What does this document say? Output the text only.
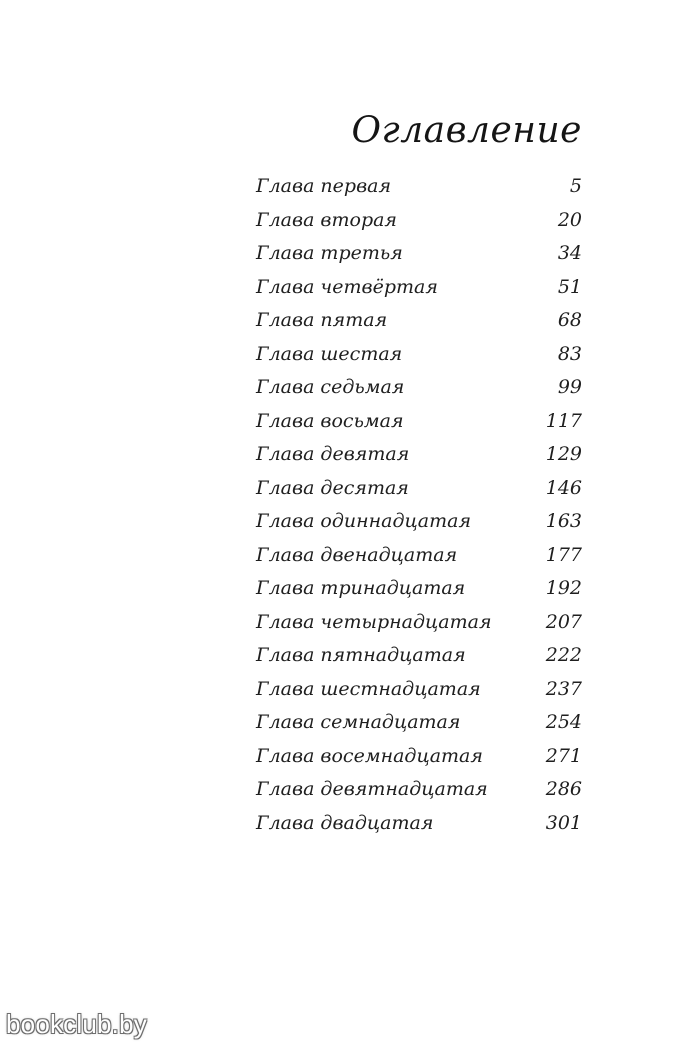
Оглавление
Глава первая	5
Глава вторая	20
Глава третья	34
Глава четвёртая	51
Глава пятая	68
Глава шестая	83
Глава седьмая	99
Глава восьмая	117
Глава девятая	129
Глава десятая	146
Глава одиннадцатая	163
Глава двенадцатая	177
Глава тринадцатая	192
Глава четырнадцатая	207
Глава пятнадцатая	222
Глава шестнадцатая	237
Глава семнадцатая	254
Глава восемнадцатая	271
Глава девятнадцатая	286
Глава двадцатая	301
bookclub.by
